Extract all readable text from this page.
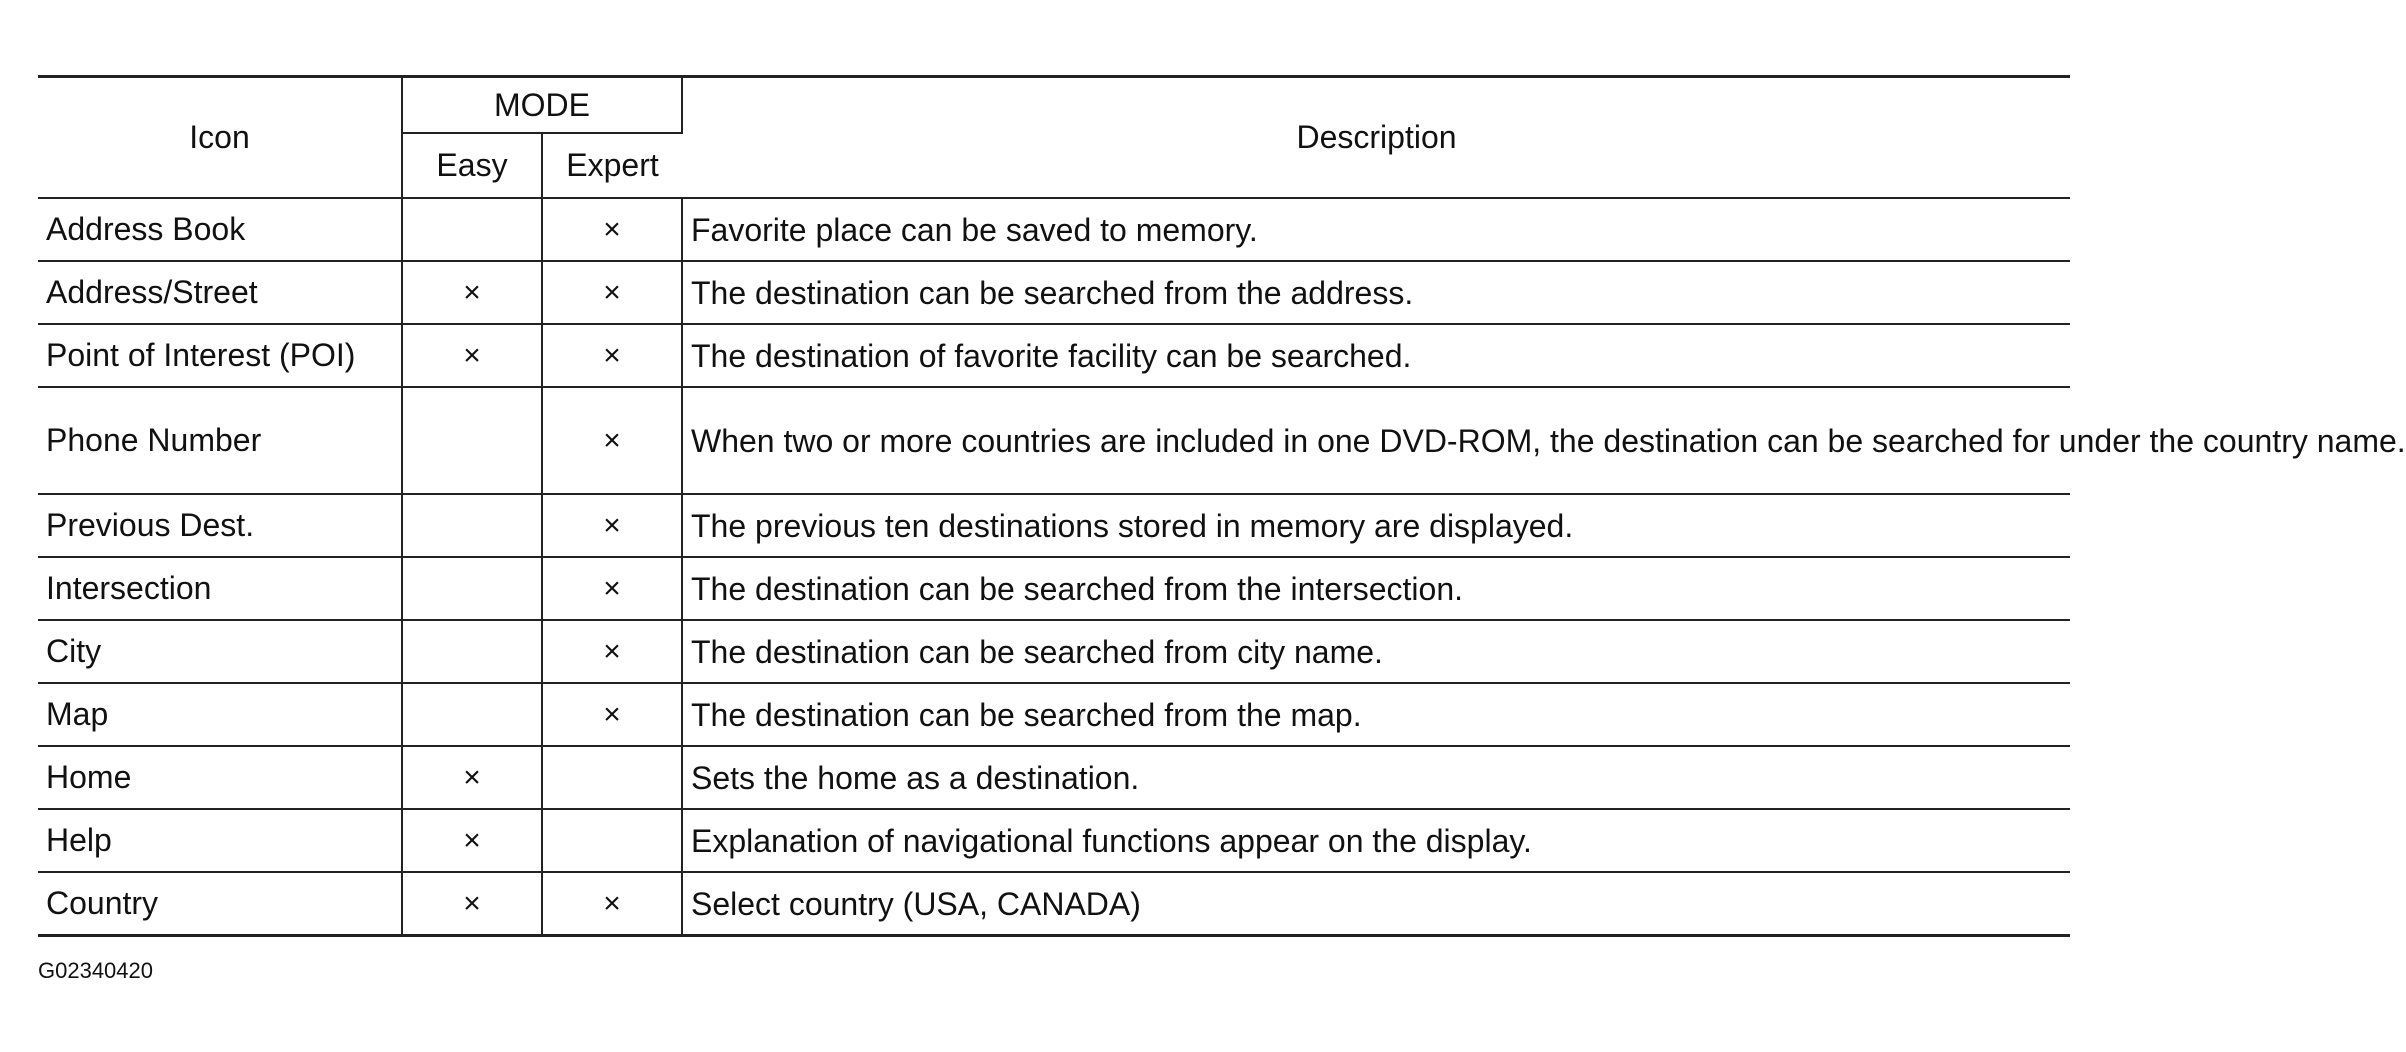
Icon	MODE		Description
	Easy	Expert	
Address Book		×	Favorite place can be saved to memory.
Address/Street	×	×	The destination can be searched from the address.
Point of Interest (POI)	×	×	The destination of favorite facility can be searched.
Phone Number		×	When two or more countries are included in one DVD-ROM, the destination can be searched for under the country name.
Previous Dest.		×	The previous ten destinations stored in memory are displayed.
Intersection		×	The destination can be searched from the intersection.
City		×	The destination can be searched from city name.
Map		×	The destination can be searched from the map.
Home	×		Sets the home as a destination.
Help	×		Explanation of navigational functions appear on the display.
Country	×	×	Select country (USA, CANADA)
G02340420
